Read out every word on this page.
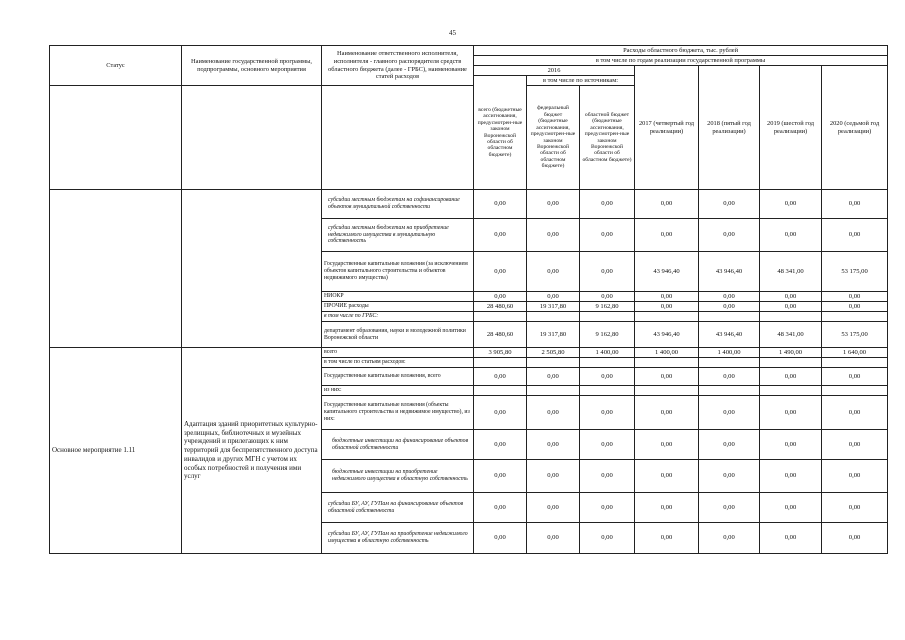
45
Статус	Наименование государственной программы, подпрограммы, основного мероприятия	Наименование ответственного исполнителя, исполнителя - главного распорядителя средств областного бюджета (далее - ГРБС), наименование статей расходов	Расходы областного бюджета, тыс. рублей						
			в том числе по годам реализации государственной программы						
			2016			2017 (четвертый год реализации)	2018 (пятый год реализации)	2019 (шестой год реализации)	2020 (седьмой год реализации)
			всего (бюджетные ассигнования, предусмотрен-ные законом Воронежской области об областном бюджете)	в том числе по источникам:					
				федеральный бюджет (бюджетные ассигнования, предусмотрен-ные законом Воронежской области об областном бюджете)	областной бюджет (бюджетные ассигнования, предусмотрен-ные законом Воронежской области об областном бюджете)				
		субсидии местным бюджетам на софинансирование объектов муниципальной собственности	0,00	0,00	0,00	0,00	0,00	0,00	0,00
		субсидии местным бюджетам на приобретение недвижимого имущества в муниципальную собственность	0,00	0,00	0,00	0,00	0,00	0,00	0,00
		Государственные капитальные вложения (за исключением объектов капитального строительства и объектов недвижимого имущества)	0,00	0,00	0,00	43 946,40	43 946,40	48 341,00	53 175,00
		НИОКР	0,00	0,00	0,00	0,00	0,00	0,00	0,00
		ПРОЧИЕ расходы	28 480,60	19 317,80	9 162,80	0,00	0,00	0,00	0,00
		в том числе по ГРБС:							
		департамент образования, науки и молодежной политики Воронежской области	28 480,60	19 317,80	9 162,80	43 946,40	43 946,40	48 341,00	53 175,00
Основное мероприятие 1.11	Адаптация зданий приоритетных культурно-зрелищных, библиотечных и музейных учреждений и прилегающих к ним территорий для беспрепятственного доступа инвалидов и других МГН с учетом их особых потребностей и получения ими услуг	всего	3 905,80	2 505,80	1 400,00	1 400,00	1 400,00	1 490,00	1 640,00
		в том числе по статьям расходов:							
		Государственные капитальные вложения, всего	0,00	0,00	0,00	0,00	0,00	0,00	0,00
		из них:							
		Государственные капитальные вложения (объекты капитального строительства и недвижимое имущество), из них:	0,00	0,00	0,00	0,00	0,00	0,00	0,00
		бюджетные инвестиции на финансирование объектов областной собственности	0,00	0,00	0,00	0,00	0,00	0,00	0,00
		бюджетные инвестиции на приобретение недвижимого имущества в областную собственность	0,00	0,00	0,00	0,00	0,00	0,00	0,00
		субсидии БУ, АУ, ГУПам на финансирование объектов областной собственности	0,00	0,00	0,00	0,00	0,00	0,00	0,00
		субсидии БУ, АУ, ГУПам на приобретение недвижимого имущества в областную собственность	0,00	0,00	0,00	0,00	0,00	0,00	0,00
